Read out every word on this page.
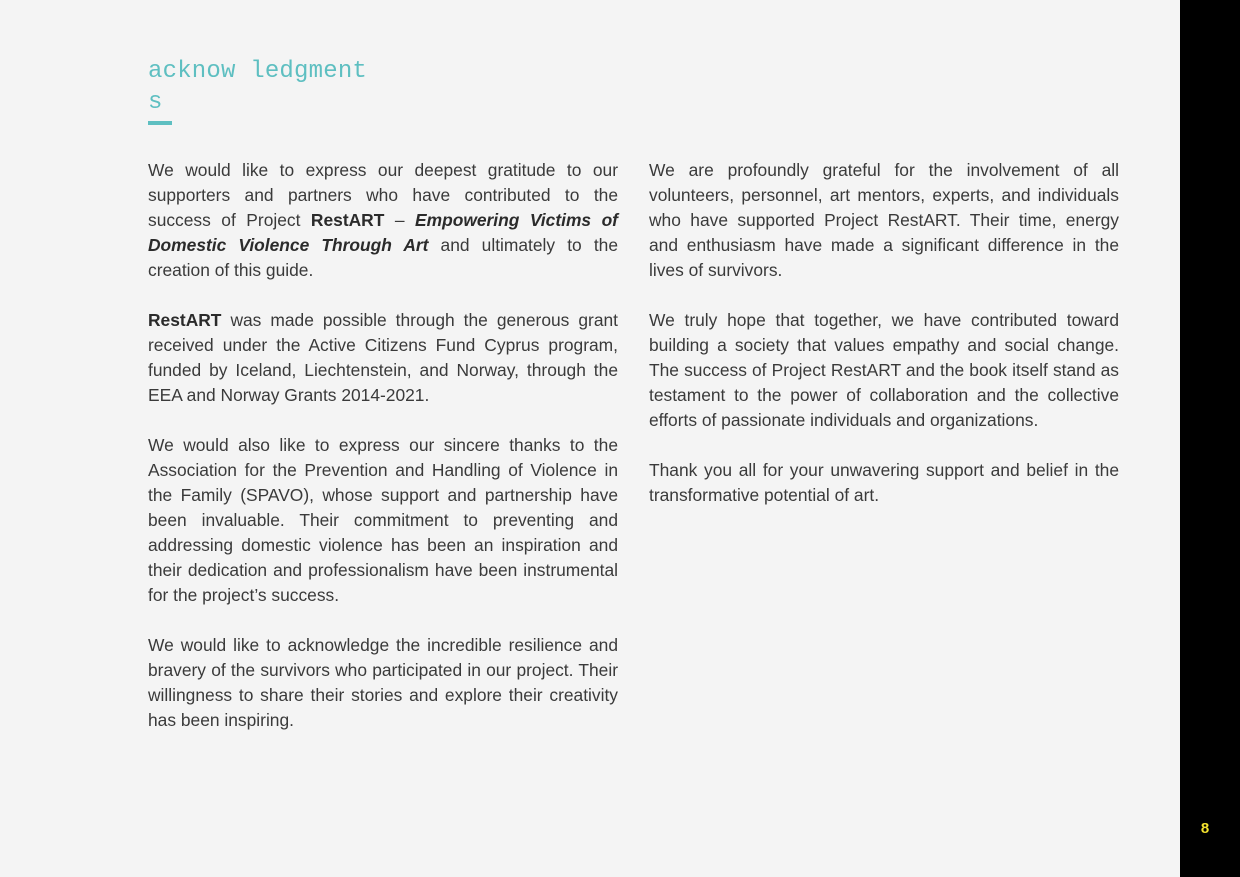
acknow ledgment
s

We would like to express our deepest gratitude to our supporters and partners who have contributed to the success of Project RestART – Empowering Victims of Domestic Violence Through Art and ultimately to the creation of this guide.

RestART was made possible through the generous grant received under the Active Citizens Fund Cyprus program, funded by Iceland, Liechtenstein, and Norway, through the EEA and Norway Grants 2014-2021.

We would also like to express our sincere thanks to the Association for the Prevention and Handling of Violence in the Family (SPAVO), whose support and partnership have been invaluable. Their commitment to preventing and addressing domestic violence has been an inspiration and their dedication and professionalism have been instrumental for the project’s success.

We would like to acknowledge the incredible resilience and bravery of the survivors who participated in our project. Their willingness to share their stories and explore their creativity has been inspiring.

We are profoundly grateful for the involvement of all volunteers, personnel, art mentors, experts, and individuals who have supported Project RestART. Their time, energy and enthusiasm have made a significant difference in the lives of survivors.

We truly hope that together, we have contributed toward building a society that values empathy and social change. The success of Project RestART and the book itself stand as testament to the power of collaboration and the collective efforts of passionate individuals and organizations.

Thank you all for your unwavering support and belief in the transformative potential of art.

8
